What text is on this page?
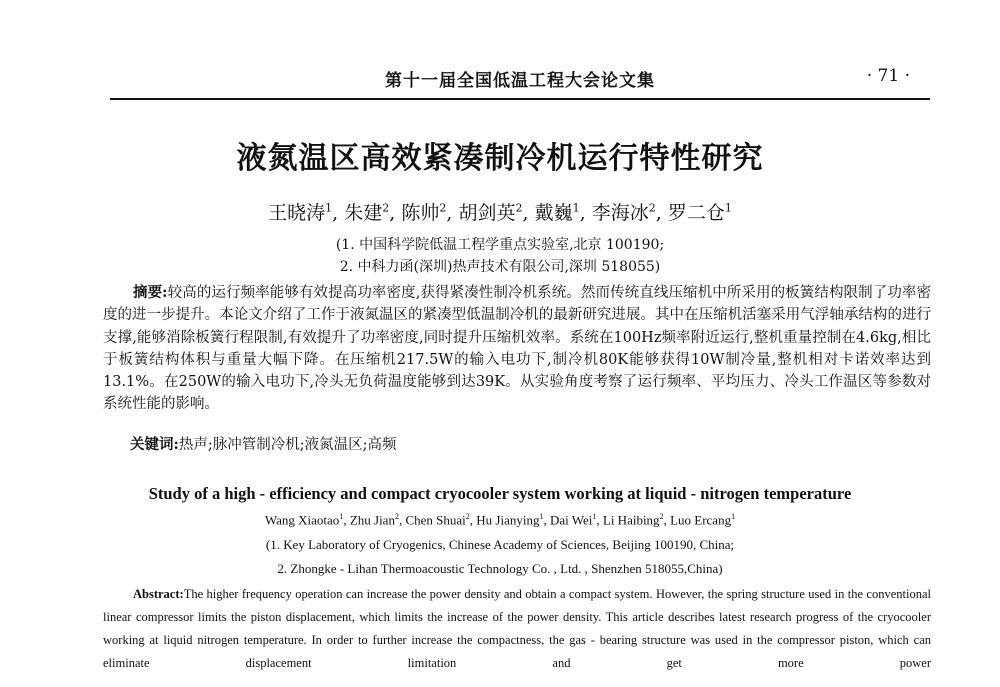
第十一届全国低温工程大会论文集	· 71 ·
液氮温区高效紧凑制冷机运行特性研究
王晓涛$^1$, 朱建$^2$, 陈帅$^2$, 胡剑英$^2$, 戴巍$^1$, 李海冰$^2$, 罗二仓$^1$
(1. 中国科学院低温工程学重点实验室,北京 100190;
2. 中科力函(深圳)热声技术有限公司,深圳 518055)
摘要:较高的运行频率能够有效提高功率密度,获得紧凑性制冷机系统。然而传统直线压缩机中所采用的板簧结构限制了功率密度的进一步提升。本论文介绍了工作于液氮温区的紧凑型低温制冷机的最新研究进展。其中在压缩机活塞采用气浮轴承结构的进行支撑,能够消除板簧行程限制,有效提升了功率密度,同时提升压缩机效率。系统在100Hz频率附近运行,整机重量控制在4.6kg,相比于板簧结构体积与重量大幅下降。在压缩机217.5W的输入电功下,制冷机80K能够获得10W制冷量,整机相对卡诺效率达到13.1%。在250W的输入电功下,冷头无负荷温度能够到达39K。从实验角度考察了运行频率、平均压力、冷头工作温区等参数对系统性能的影响。
关键词:热声;脉冲管制冷机;液氮温区;高频
Study of a high - efficiency and compact cryocooler system working at liquid - nitrogen temperature
Wang Xiaotao$^1$, Zhu Jian$^2$, Chen Shuai$^2$, Hu Jianying$^1$, Dai Wei$^1$, Li Haibing$^2$, Luo Ercang$^1$
(1. Key Laboratory of Cryogenics, Chinese Academy of Sciences, Beijing 100190, China;
2. Zhongke - Lihan Thermoacoustic Technology Co. , Ltd. , Shenzhen 518055,China)
Abstract:The higher frequency operation can increase the power density and obtain a compact system. However, the spring structure used in the conventional linear compressor limits the piston displacement, which limits the increase of the power density. This article describes latest research progress of the cryocooler working at liquid nitrogen temperature. In order to further increase the compactness, the gas - bearing structure was used in the compressor piston, which can eliminate displacement limitation and get more power
